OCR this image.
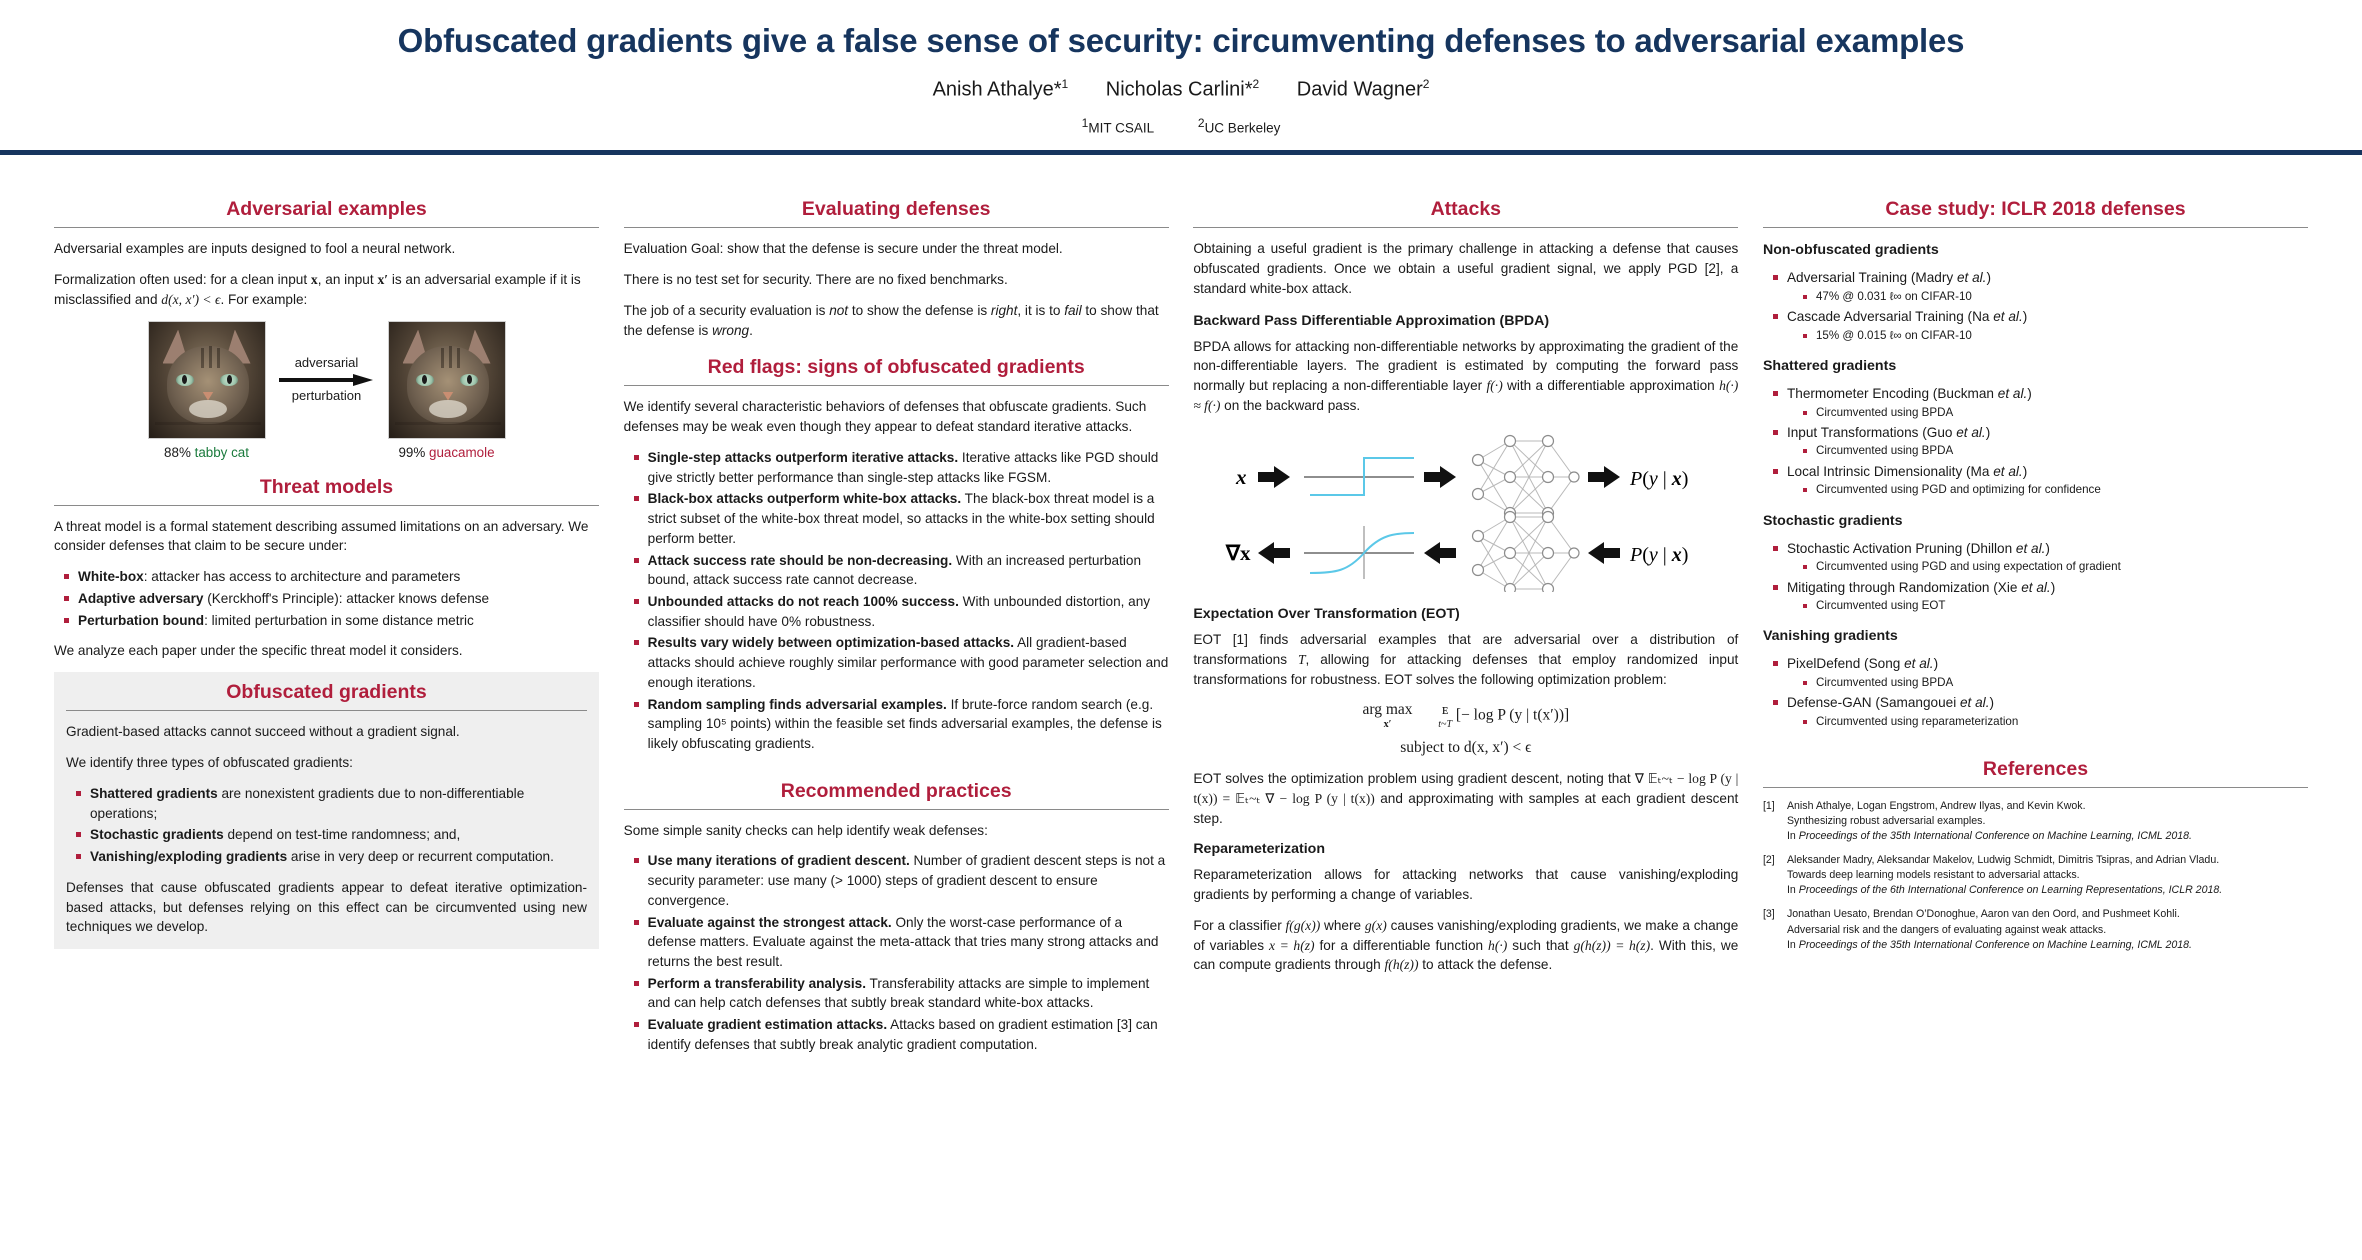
Obfuscated gradients give a false sense of security: circumventing defenses to adversarial examples
Anish Athalye*$^1$ Nicholas Carlini*$^2$ David Wagner$^2$
$^1$MIT CSAIL	$^2$UC Berkeley
Adversarial examples

Adversarial examples are inputs designed to fool a neural network.

Formalization often used: for a clean input x, an input x′ is an adversarial example if it is misclassified and d(x, x′) < ϵ. For example:

adversarial
perturbation
88% tabby cat	99% guacamole
Threat models

A threat model is a formal statement describing assumed limitations on an adversary. We consider defenses that claim to be secure under:

White-box: attacker has access to architecture and parameters
Adaptive adversary (Kerckhoff's Principle): attacker knows defense
Perturbation bound: limited perturbation in some distance metric

We analyze each paper under the specific threat model it considers.

Obfuscated gradients

Gradient-based attacks cannot succeed without a gradient signal.

We identify three types of obfuscated gradients:

Shattered gradients are nonexistent gradients due to non-differentiable operations;
Stochastic gradients depend on test-time randomness; and,
Vanishing/exploding gradients arise in very deep or recurrent computation.

Defenses that cause obfuscated gradients appear to defeat iterative optimization-based attacks, but defenses relying on this effect can be circumvented using new techniques we develop.

Evaluating defenses

Evaluation Goal: show that the defense is secure under the threat model.

There is no test set for security. There are no fixed benchmarks.

The job of a security evaluation is not to show the defense is right, it is to fail to show that the defense is wrong.

Red flags: signs of obfuscated gradients

We identify several characteristic behaviors of defenses that obfuscate gradients. Such defenses may be weak even though they appear to defeat standard iterative attacks.

Single-step attacks outperform iterative attacks. Iterative attacks like PGD should give strictly better performance than single-step attacks like FGSM.
Black-box attacks outperform white-box attacks. The black-box threat model is a strict subset of the white-box threat model, so attacks in the white-box setting should perform better.
Attack success rate should be non-decreasing. With an increased perturbation bound, attack success rate cannot decrease.
Unbounded attacks do not reach 100% success. With unbounded distortion, any classifier should have 0% robustness.
Results vary widely between optimization-based attacks. All gradient-based attacks should achieve roughly similar performance with good parameter selection and enough iterations.
Random sampling finds adversarial examples. If brute-force random search (e.g. sampling 10⁵ points) within the feasible set finds adversarial examples, the defense is likely obfuscating gradients.
Recommended practices

Some simple sanity checks can help identify weak defenses:

Use many iterations of gradient descent. Number of gradient descent steps is not a security parameter: use many (> 1000) steps of gradient descent to ensure convergence.
Evaluate against the strongest attack. Only the worst-case performance of a defense matters. Evaluate against the meta-attack that tries many strong attacks and returns the best result.
Perform a transferability analysis. Transferability attacks are simple to implement and can help catch defenses that subtly break standard white-box attacks.
Evaluate gradient estimation attacks. Attacks based on gradient estimation [3] can identify defenses that subtly break analytic gradient computation.
Attacks

Obtaining a useful gradient is the primary challenge in attacking a defense that causes obfuscated gradients. Once we obtain a useful gradient signal, we apply PGD [2], a standard white-box attack.

Backward Pass Differentiable Approximation (BPDA)

BPDA allows for attacking non-differentiable networks by approximating the gradient of the non-differentiable layers. The gradient is estimated by computing the forward pass normally but replacing a non-differentiable layer f(·) with a differentiable approximation h(·) ≈ f(·) on the backward pass.

x	P(y | x)
∇x	P(y | x)
Expectation Over Transformation (EOT)

EOT [1] finds adversarial examples that are adversarial over a distribution of transformations T, allowing for attacking defenses that employ randomized input transformations for robustness. EOT solves the following optimization problem:

arg max
x′

ᴇ
t~T
[− log P (y | t(x′))]
subject to d(x, x′) < ϵ

EOT solves the optimization problem using gradient descent, noting that ∇ 𝔼ₜ~ₜ − log P (y | t(x)) = 𝔼ₜ~ₜ ∇ − log P (y | t(x)) and approximating with samples at each gradient descent step.

Reparameterization

Reparameterization allows for attacking networks that cause vanishing/exploding gradients by performing a change of variables.

For a classifier f(g(x)) where g(x) causes vanishing/exploding gradients, we make a change of variables x = h(z) for a differentiable function h(·) such that g(h(z)) = h(z). With this, we can compute gradients through f(h(z)) to attack the defense.

Case study: ICLR 2018 defenses
Non-obfuscated gradients
Adversarial Training (Madry et al.)
47% @ 0.031 ℓ∞ on CIFAR-10
Cascade Adversarial Training (Na et al.)
15% @ 0.015 ℓ∞ on CIFAR-10
Shattered gradients
Thermometer Encoding (Buckman et al.)
Circumvented using BPDA
Input Transformations (Guo et al.)
Circumvented using BPDA
Local Intrinsic Dimensionality (Ma et al.)
Circumvented using PGD and optimizing for confidence
Stochastic gradients
Stochastic Activation Pruning (Dhillon et al.)
Circumvented using PGD and using expectation of gradient
Mitigating through Randomization (Xie et al.)
Circumvented using EOT
Vanishing gradients
PixelDefend (Song et al.)
Circumvented using BPDA
Defense-GAN (Samangouei et al.)
Circumvented using reparameterization
References
[1]	Anish Athalye, Logan Engstrom, Andrew Ilyas, and Kevin Kwok.
Synthesizing robust adversarial examples.
In Proceedings of the 35th International Conference on Machine Learning, ICML 2018.
[2]	Aleksander Madry, Aleksandar Makelov, Ludwig Schmidt, Dimitris Tsipras, and Adrian Vladu.
Towards deep learning models resistant to adversarial attacks.
In Proceedings of the 6th International Conference on Learning Representations, ICLR 2018.
[3]	Jonathan Uesato, Brendan O’Donoghue, Aaron van den Oord, and Pushmeet Kohli.
Adversarial risk and the dangers of evaluating against weak attacks.
In Proceedings of the 35th International Conference on Machine Learning, ICML 2018.
